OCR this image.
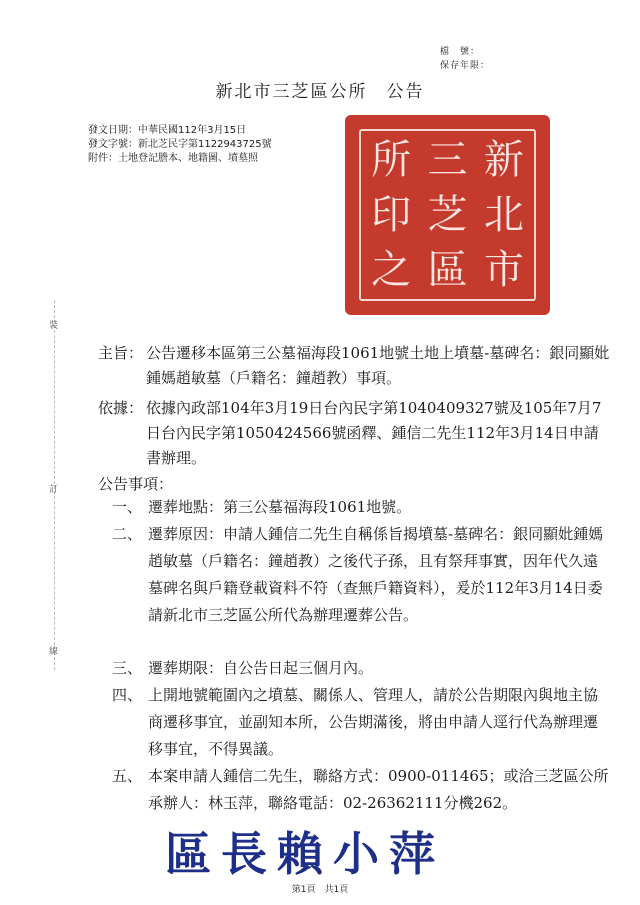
檔　號：
保存年限：
新北市三芝區公所　公告
發文日期：中華民國112年3月15日
發文字號：新北芝民字第1122943725號
附件：土地登記謄本、地籍圖、墳墓照	所 三 新
印 芝 北
之 區 市
裝
訂
線
主旨： 公告遷移本區第三公墓福海段1061地號土地上墳墓-墓碑名：銀同顯妣鍾媽趙敏墓（戶籍名：鐘趙教）事項。
依據： 依據內政部104年3月19日台內民字第1040409327號及105年7月7日台內民字第1050424566號函釋、鍾信二先生112年3月14日申請書辦理。
公告事項：
一、 遷葬地點：第三公墓福海段1061地號。
二、 遷葬原因：申請人鍾信二先生自稱係旨揭墳墓-墓碑名：銀同顯妣鍾媽趙敏墓（戶籍名：鐘趙教）之後代子孫，且有祭拜事實，因年代久遠墓碑名與戶籍登載資料不符（查無戶籍資料），爰於112年3月14日委請新北市三芝區公所代為辦理遷葬公告。
三、 遷葬期限：自公告日起三個月內。
四、 上開地號範圍內之墳墓、關係人、管理人，請於公告期限內與地主協商遷移事宜，並副知本所，公告期滿後，將由申請人逕行代為辦理遷移事宜，不得異議。
五、 本案申請人鍾信二先生，聯絡方式：0900-011465；或洽三芝區公所承辦人：林玉萍，聯絡電話：02-26362111分機262。
區長賴小萍
第1頁　共1頁
